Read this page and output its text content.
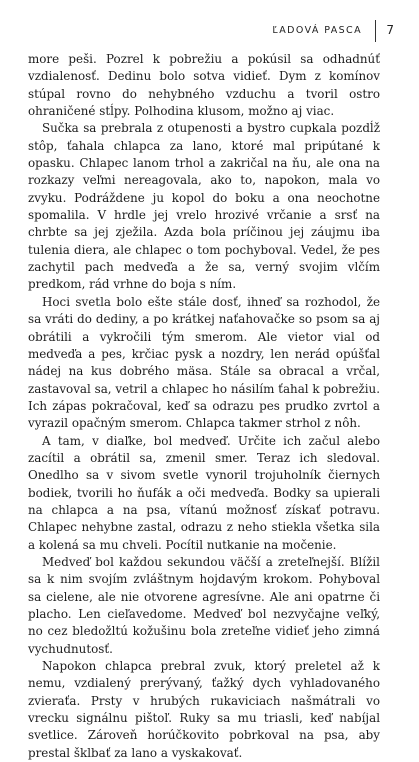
ĽADOVÁ PASCA 7

more peši. Pozrel k pobrežiu a pokúsil sa odhadnúť vzdialenosť. Dedinu bolo sotva vidieť. Dym z komínov stúpal rovno do nehybného vzduchu a tvoril ostro ohraničené stĺpy. Polhodina klusom, možno aj viac.

Sučka sa prebrala z otupenosti a bystro cupkala pozdĺž stôp, ťahala chlapca za lano, ktoré mal pripútané k opasku. Chlapec lanom trhol a zakričal na ňu, ale ona na rozkazy veľmi nereagovala, ako to, napokon, mala vo zvyku. Podráždene ju kopol do boku a ona neochotne spomalila. V hrdle jej vrelo hrozivé vrčanie a srsť na chrbte sa jej zježila. Azda bola príčinou jej záujmu iba tulenia diera, ale chlapec o tom pochyboval. Vedel, že pes zachytil pach medveďa a že sa, verný svojim vlčím predkom, rád vrhne do boja s ním.

Hoci svetla bolo ešte stále dosť, ihneď sa rozhodol, že sa vráti do dediny, a po krátkej naťahovačke so psom sa aj obrátili a vykročili tým smerom. Ale vietor vial od medveďa a pes, krčiac pysk a nozdry, len nerád opúšťal nádej na kus dobrého mäsa. Stále sa obracal a vrčal, zastavoval sa, vetril a chlapec ho násilím ťahal k pobrežiu. Ich zápas pokračoval, keď sa odrazu pes prudko zvrtol a vyrazil opačným smerom. Chlapca takmer strhol z nôh.

A tam, v diaľke, bol medveď. Určite ich začul alebo zacítil a obrátil sa, zmenil smer. Teraz ich sledoval. Onedlho sa v sivom svetle vynoril trojuholník čiernych bodiek, tvorili ho ňufák a oči medveďa. Bodky sa upierali na chlapca a na psa, vítanú možnosť získať potravu. Chlapec nehybne zastal, odrazu z neho stiekla všetka sila a kolená sa mu chveli. Pocítil nutkanie na močenie.

Medveď bol každou sekundou väčší a zreteľnejší. Blížil sa k nim svojím zvláštnym hojdavým krokom. Pohyboval sa cielene, ale nie otvorene agresívne. Ale ani opatrne či placho. Len cieľavedome. Medveď bol nezvyčajne veľký, no cez bledožltú kožušinu bola zreteľne vidieť jeho zimná vychudnutosť.

Napokon chlapca prebral zvuk, ktorý preletel až k nemu, vzdialený prerývaný, ťažký dych vyhladovaného zvieraťa. Prsty v hrubých rukaviciach našmátrali vo vrecku signálnu pištoľ. Ruky sa mu triasli, keď nabíjal svetlice. Zároveň horúčkovito pobrkoval na psa, aby prestal šklbať za lano a vyskakovať.
